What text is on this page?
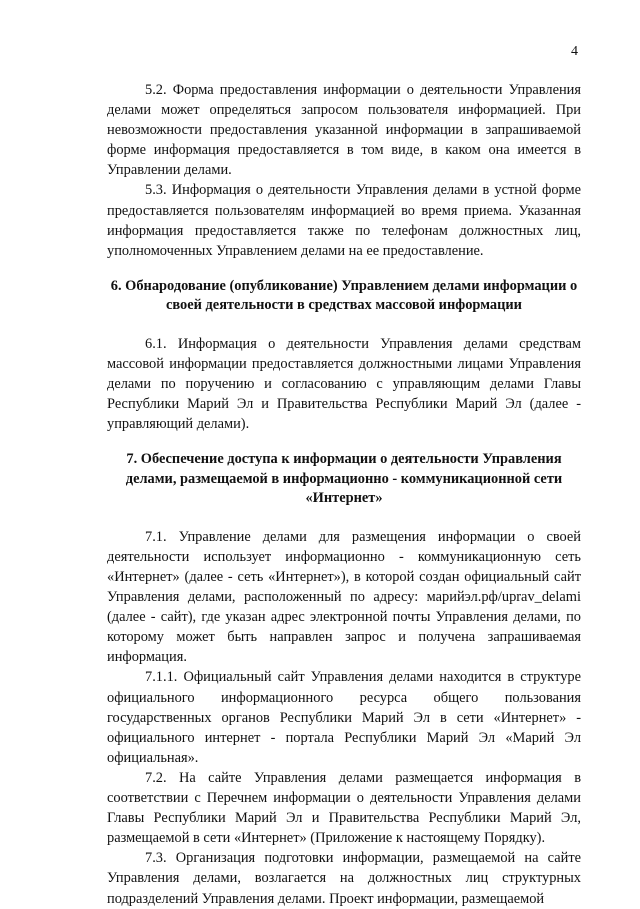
4

5.2. Форма предоставления информации о деятельности Управления делами может определяться запросом пользователя информацией. При невозможности предоставления указанной информации в запрашиваемой форме информация предоставляется в том виде, в каком она имеется в Управлении делами.

5.3. Информация о деятельности Управления делами в устной форме предоставляется пользователям информацией во время приема. Указанная информация предоставляется также по телефонам должностных лиц, уполномоченных Управлением делами на ее предоставление.

6. Обнародование (опубликование) Управлением делами информации о своей деятельности в средствах массовой информации

6.1. Информация о деятельности Управления делами средствам массовой информации предоставляется должностными лицами Управления делами по поручению и согласованию с управляющим делами Главы Республики Марий Эл и Правительства Республики Марий Эл (далее - управляющий делами).

7. Обеспечение доступа к информации о деятельности Управления делами, размещаемой в информационно - коммуникационной сети «Интернет»

7.1. Управление делами для размещения информации о своей деятельности использует информационно - коммуникационную сеть «Интернет» (далее - сеть «Интернет»), в которой создан официальный сайт Управления делами, расположенный по адресу: марийэл.рф/uprav_delami (далее - сайт), где указан адрес электронной почты Управления делами, по которому может быть направлен запрос и получена запрашиваемая информация.

7.1.1. Официальный сайт Управления делами находится в структуре официального информационного ресурса общего пользования государственных органов Республики Марий Эл в сети «Интернет» - официального интернет - портала Республики Марий Эл «Марий Эл официальная».

7.2. На сайте Управления делами размещается информация в соответствии с Перечнем информации о деятельности Управления делами Главы Республики Марий Эл и Правительства Республики Марий Эл, размещаемой в сети «Интернет» (Приложение к настоящему Порядку).

7.3. Организация подготовки информации, размещаемой на сайте Управления делами, возлагается на должностных лиц структурных подразделений Управления делами. Проект информации, размещаемой
